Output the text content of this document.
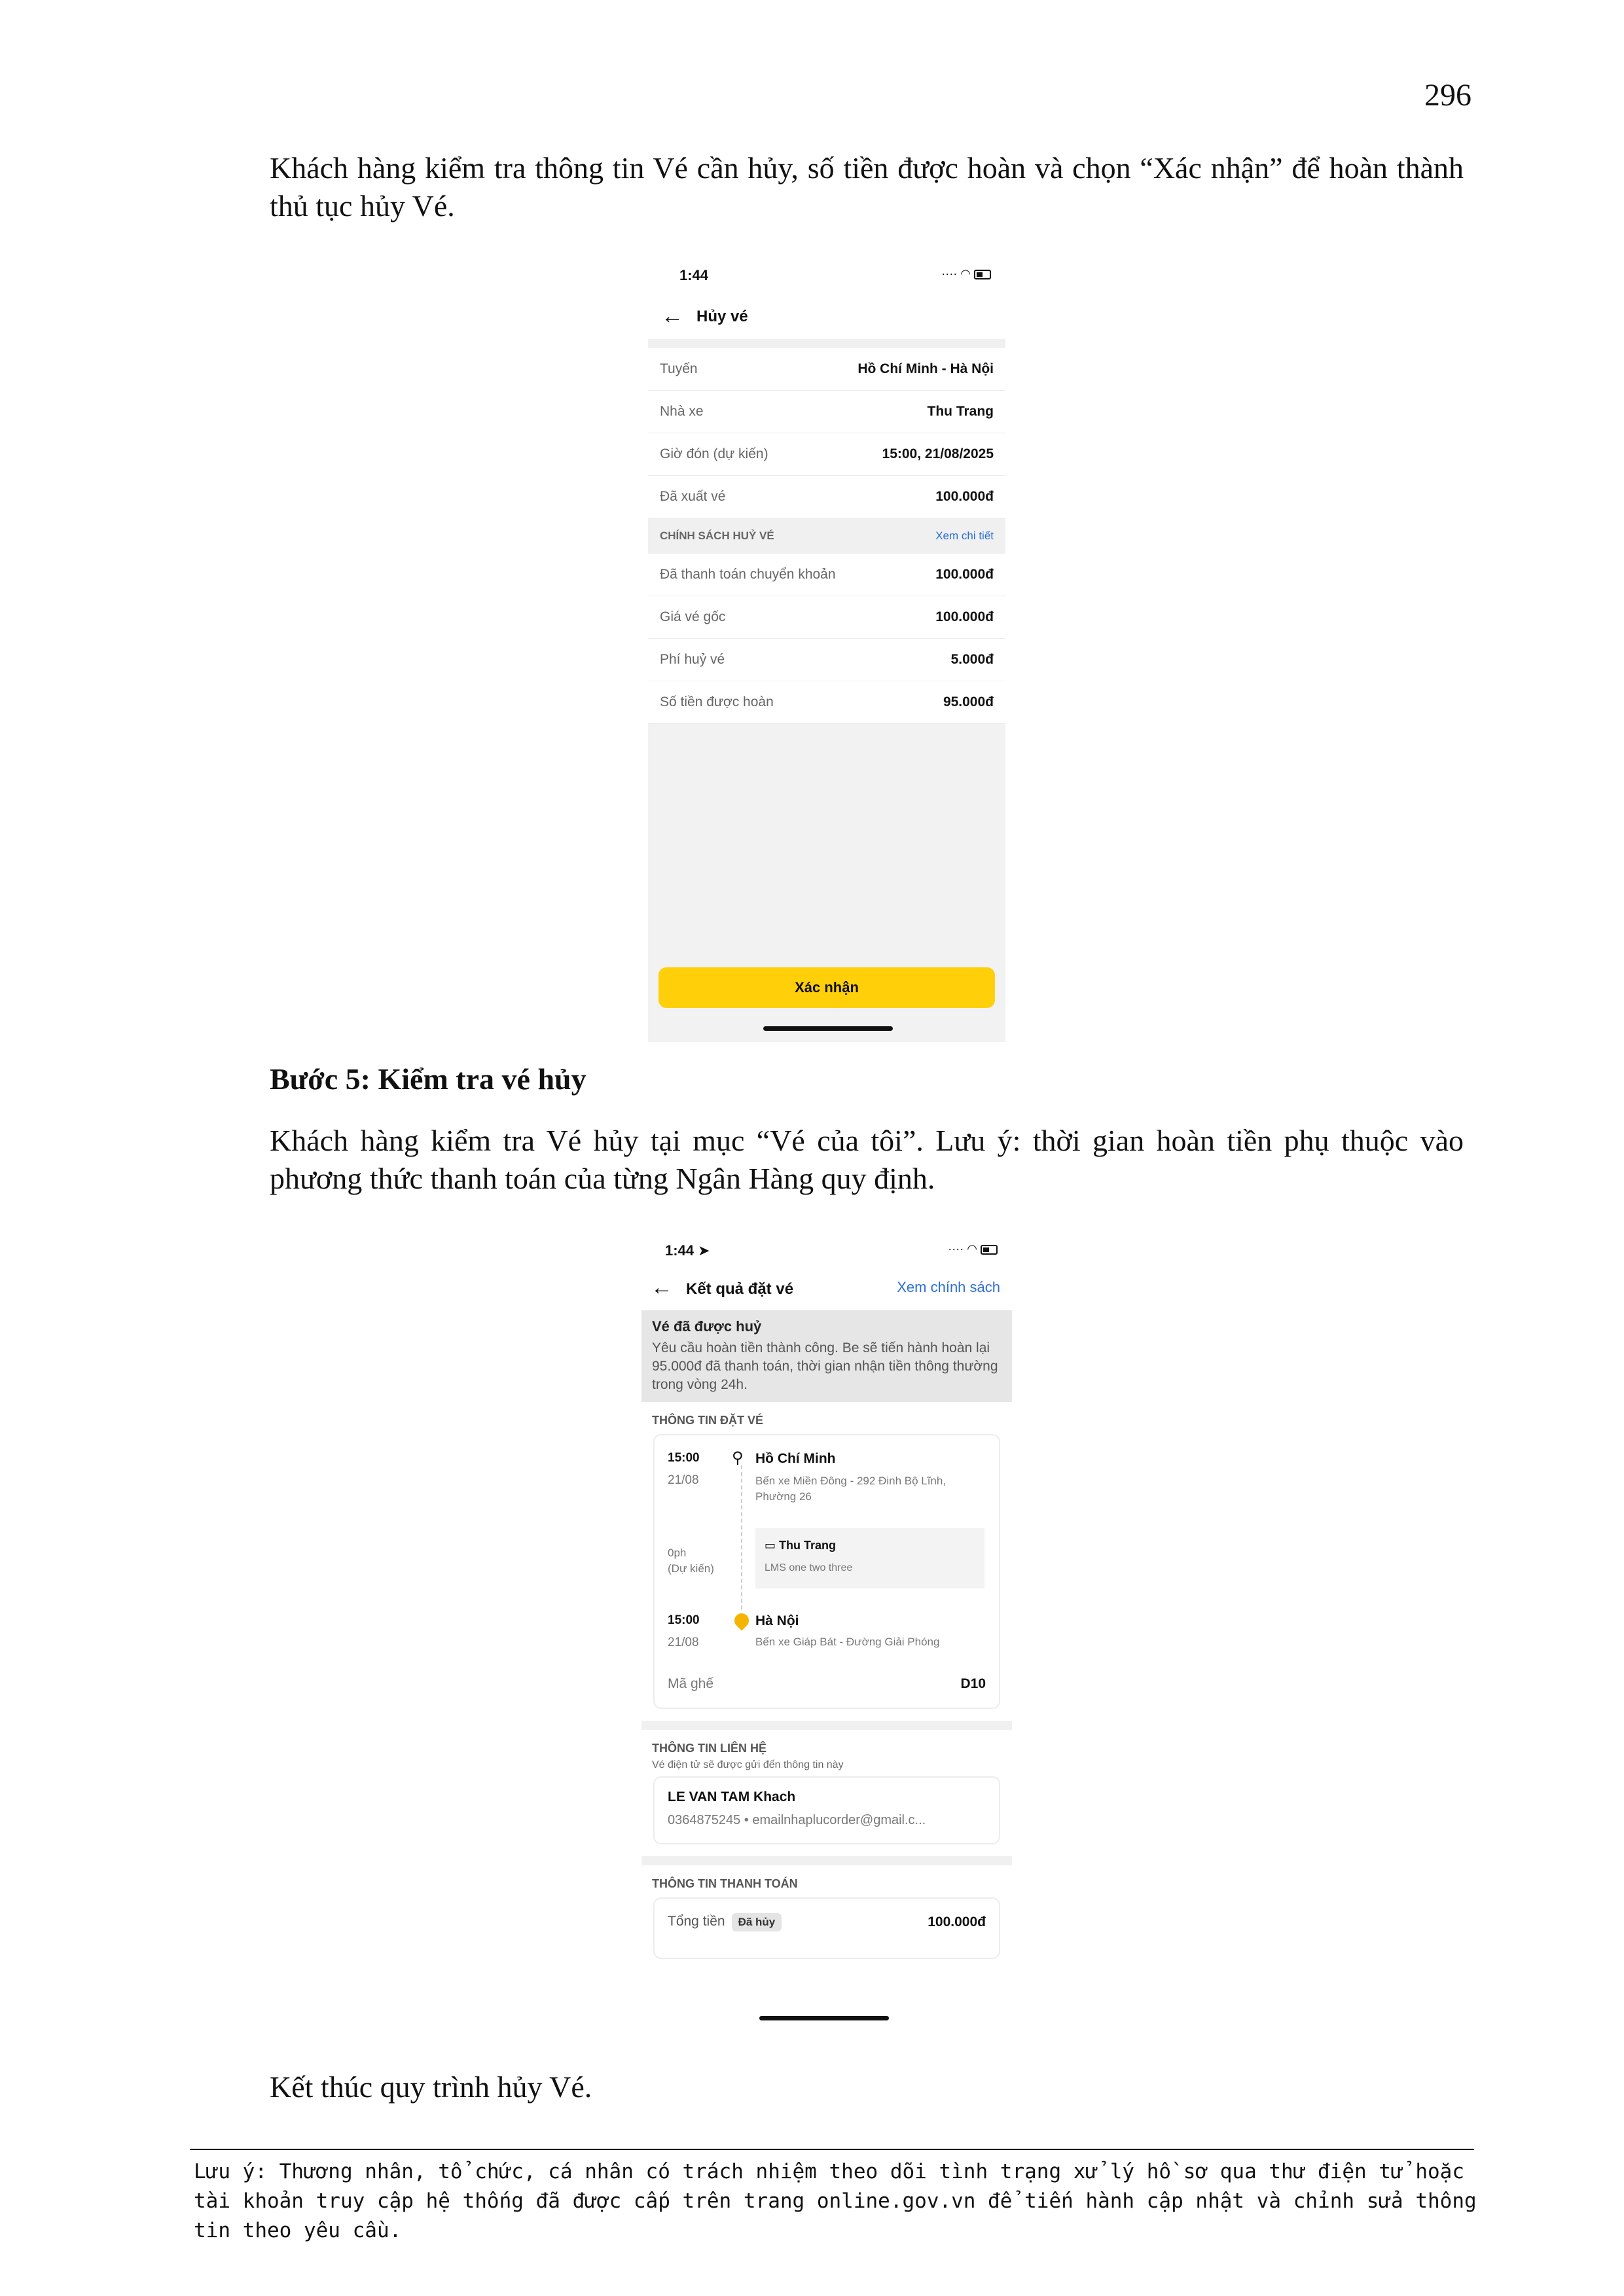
296
Khách hàng kiểm tra thông tin Vé cần hủy, số tiền được hoàn và chọn “Xác nhận” để hoàn thành thủ tục hủy Vé.
1:44	···· ◠
← Hủy vé
Tuyến	Hồ Chí Minh - Hà Nội
Nhà xe	Thu Trang
Giờ đón (dự kiến)	15:00, 21/08/2025
Đã xuất vé	100.000đ
CHÍNH SÁCH HUỶ VÉ	Xem chi tiết
Đã thanh toán chuyển khoản	100.000đ
Giá vé gốc	100.000đ
Phí huỷ vé	5.000đ
Số tiền được hoàn	95.000đ
Xác nhận
Bước 5: Kiểm tra vé hủy
Khách hàng kiểm tra Vé hủy tại mục “Vé của tôi”. Lưu ý: thời gian hoàn tiền phụ thuộc vào phương thức thanh toán của từng Ngân Hàng quy định.
1:44 ➤	···· ◠
← Kết quả đặt vé	Xem chính sách
Vé đã được huỷ
Yêu cầu hoàn tiền thành công. Be sẽ tiến hành hoàn lại 95.000đ đã thanh toán, thời gian nhận tiền thông thường trong vòng 24h.
THÔNG TIN ĐẶT VÉ
15:00
21/08
⚲ Hồ Chí Minh
Bến xe Miền Đông - 292 Đinh Bộ Lĩnh, Phường 26
0ph
(Dự kiến)
▭ Thu Trang
LMS one two three
15:00
21/08
Hà Nội
Bến xe Giáp Bát - Đường Giải Phóng
Mã ghế	D10
THÔNG TIN LIÊN HỆ
Vé điện tử sẽ được gửi đến thông tin này
LE VAN TAM Khach
0364875245 • emailnhaplucorder@gmail.c...
THÔNG TIN THANH TOÁN
Tổng tiền Đã hủy	100.000đ
Kết thúc quy trình hủy Vé.
Lưu ý: Thương nhân, tổ chức, cá nhân có trách nhiệm theo dõi tình trạng xử lý hồ sơ qua thư điện tử hoặc tài khoản truy cập hệ thống đã được cấp trên trang online.gov.vn để tiến hành cập nhật và chỉnh sửa thông tin theo yêu cầu.
